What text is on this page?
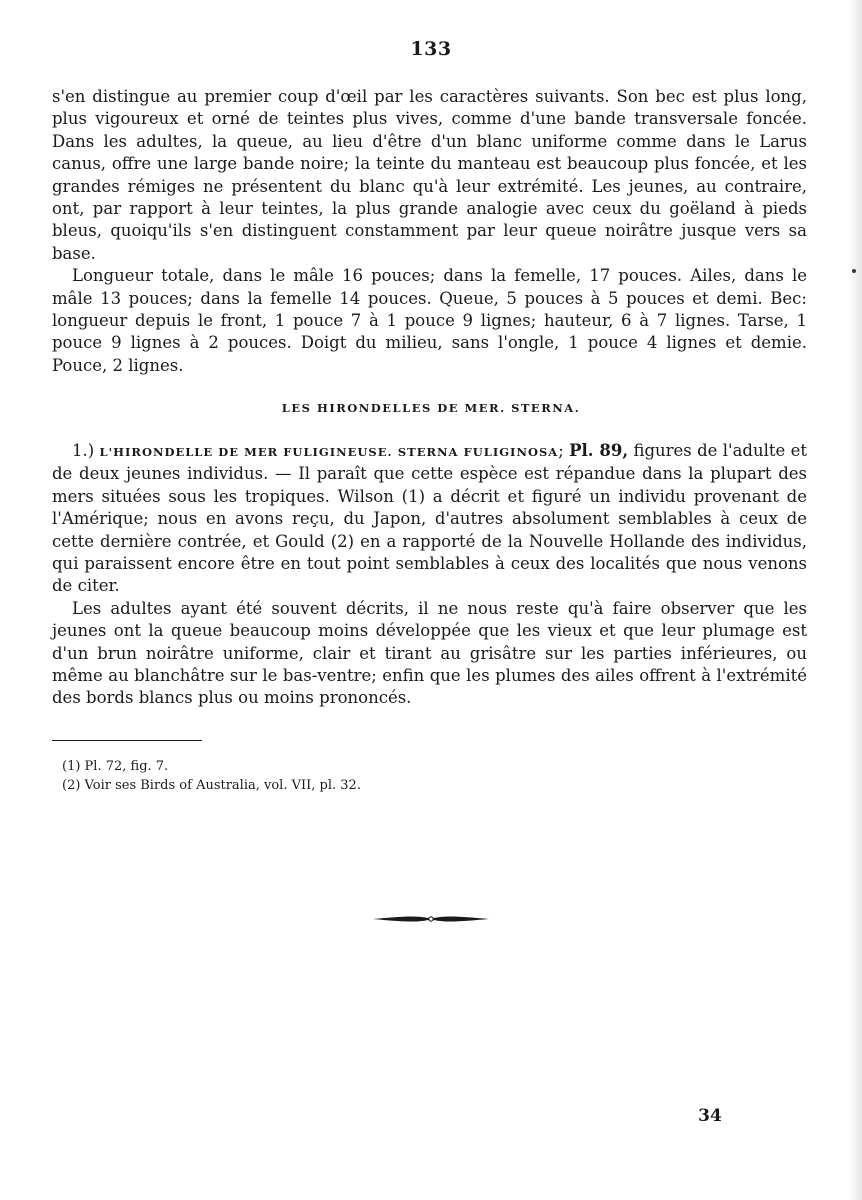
133

s'en distingue au premier coup d'œil par les caractères suivants. Son bec est plus long, plus vigoureux et orné de teintes plus vives, comme d'une bande transversale foncée. Dans les adultes, la queue, au lieu d'être d'un blanc uniforme comme dans le Larus canus, offre une large bande noire; la teinte du manteau est beaucoup plus foncée, et les grandes rémiges ne présentent du blanc qu'à leur extrémité. Les jeunes, au contraire, ont, par rapport à leur teintes, la plus grande analogie avec ceux du goëland à pieds bleus, quoiqu'ils s'en distinguent constamment par leur queue noirâtre jusque vers sa base.

Longueur totale, dans le mâle 16 pouces; dans la femelle, 17 pouces. Ailes, dans le mâle 13 pouces; dans la femelle 14 pouces. Queue, 5 pouces à 5 pouces et demi. Bec: longueur depuis le front, 1 pouce 7 à 1 pouce 9 lignes; hauteur, 6 à 7 lignes. Tarse, 1 pouce 9 lignes à 2 pouces. Doigt du milieu, sans l'ongle, 1 pouce 4 lignes et demie. Pouce, 2 lignes.

LES HIRONDELLES DE MER. STERNA.

1.) L'HIRONDELLE DE MER FULIGINEUSE. STERNA FULIGINOSA; Pl. 89, figures de l'adulte et de deux jeunes individus. — Il paraît que cette espèce est répandue dans la plupart des mers situées sous les tropiques. Wilson (1) a décrit et figuré un individu provenant de l'Amérique; nous en avons reçu, du Japon, d'autres absolument semblables à ceux de cette dernière contrée, et Gould (2) en a rapporté de la Nouvelle Hollande des individus, qui paraissent encore être en tout point semblables à ceux des localités que nous venons de citer.

Les adultes ayant été souvent décrits, il ne nous reste qu'à faire observer que les jeunes ont la queue beaucoup moins développée que les vieux et que leur plumage est d'un brun noirâtre uniforme, clair et tirant au grisâtre sur les parties inférieures, ou même au blanchâtre sur le bas-ventre; enfin que les plumes des ailes offrent à l'extrémité des bords blancs plus ou moins prononcés.

(1) Pl. 72, fig. 7.
(2) Voir ses Birds of Australia, vol. VII, pl. 32.
34
